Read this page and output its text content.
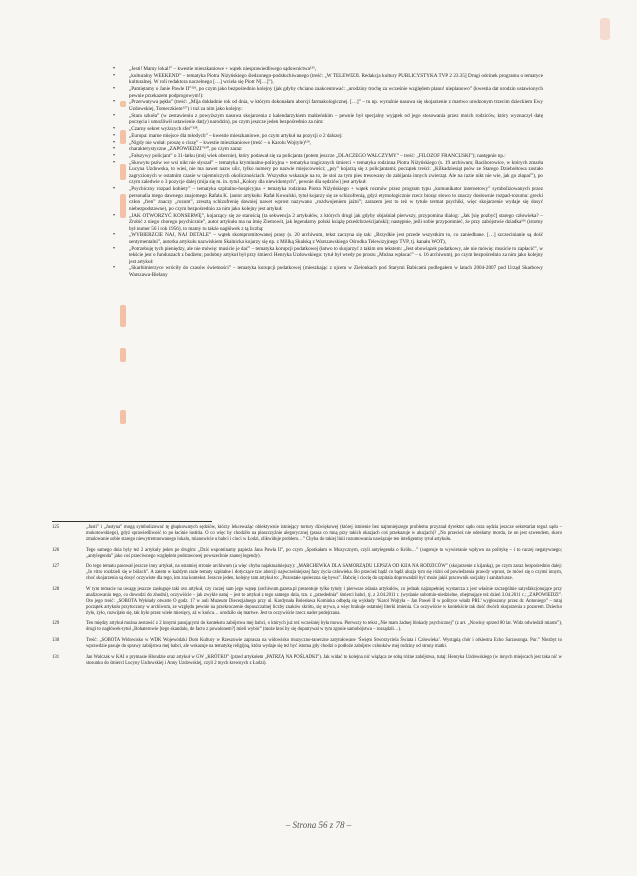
• „Jesti! Mamy lokal!” – kwestie mieszkaniowe + wątek niesprawiedliwego sądownictwa¹²⁵,
• „kulturalny WEEKEND” – tematyka Piotra Niżyńskiego śledzonego-podsłuchiwanego (treść: „W TELEWIZJI. Redakcja kultury PUBLICYSTYKA TVP 2 23.35] Drugi odcinek programu o tematyce kulturalnej. W roli redaktora naczelnego […] wciela się Piotr N[…]”),
• „Pamiętamy o Janie Pawle II”¹²⁶, po czym jako bezpośrednio kolejny (jak gdyby chciano zaakcentować: „urodziny trochę za wcześnie względem planu! nieplanowo” (kwestia dat urodzin ustawionych pewnie przekazem podprogowym!):
• „Przerwatywa pękła” (treść: „Mija dokładnie rok od dnia, w którym dokonałam aborcji farmakologicznej. […]” – tu np. wyraźnie nasuwa się skojarzenie z martwo urodzonym trzecim dzieckiem Ewy Uzdowskiej, Tomeczkiem¹²⁷) i tuż za nim jako kolejny:
• „Stara szkoła” (w zestawieniu z powyższym nasuwa skojarzenia z kalendarzykiem małżeńskim – pewnie był specjalny wyjątek od jego stosowania przez moich rodziców, który wyznaczył datę poczęcia i umożliwił ustawienie dat(y) narodzin), po czym jeszcze jeden bezpośrednio za nim:
• „Czarny sekret wyższych sfer”¹²⁸,
• „Europa: marne miejsce dla młodych” – kwestie mieszkaniowe, po czym artykuł na pozycji o 2 dalszej:
• „Nigdy nie wołał: proszę o ciszę” – kwestie mieszkaniowe (treść – o Karolu Wojtyle)¹²⁹,
• charakterystyczne „ZAPOWIEDZI”¹³⁰, po czym zaraz:
• „Fałszywy policjant” o 31-latku (mój wiek obecnie), który podawał się za policjanta (potem jeszcze „DLACZEGO WALCZYMY” – treść: „FILOZOF FRANCUSKI”); następnie np.:
• „Skowytu psów we wsi nikt nie słyszał” – tematyka kryminalno-policyjna + tematyka tragicznych śmierci + tematyka rodzinna Piotra Niżyńskiego (s. 19 archiwum; Raciborowice, w których zmarła Lucyna Uzdowska, to wieś, nie ma nawet nazw ulic, tylko numery po nazwie miejscowości; „psy” kojarzą się z policjantami; początek treści: „Kilkadziesiąt psów ze Starego Dziebołtowa zostało zagryzionych w ostatnim czasie w tajemniczych okolicznościach. Wszystko wskazuje na to, że stoi za tym pies tresowany do zabijania innych zwierząt. Ale na razie nikt nie wie, jak go złapać”), po czym zaledwie o 3 pozycje dalej (mija się m. in. tytuł „Kolory dla niewidomych”, pewnie dla sędziów) jest artykuł:
• „Psychiczny rozpad kobiety” – tematyka szpitalno-hospicyjna + tematyka rodzinna Piotra Niżyńskiego + wątek rozmów przez program typu „komunikator internetowy” symbolizowanych przez personalia mego dawnego znajomego Rafała K. (autor artykułu: Rafał Kowalski, tytuł kojarzy się ze schizofrenią, gdyż etymologicznie rzecz biorąc słowo to znaczy dosłownie rozpad-rozumu: grecki człon „fren” znaczy „rozum”, zresztą schizofrenię dawniej nawet wprost nazywano „rozdwojeniem jaźni”; zarazem jest to też w tytule termat psychiki, więc skojarzenie wydaje się dosyć niebezpodstawne), po czym bezpośrednio za nim jako kolejny jest artykuł:
• „JAK OTWORZYĆ KONSERWĘ”, kojarzący się ze starością (ta sekwencja 2 artykułów, z których drugi jak gdyby objaśniał pierwszy, przypomina dialog: „Jak [się pozbyć] starego człowieka? – Zrobić z niego chorego psychicznie”, autor artykułu ma na imię Ziemowit, jak legendarny polski książę przedchrześcijański); następnie, jeśli sobie przypomnieć, że przy zabójstwie dziadka¹³¹ (istotny był numer 56 i rok 1956), to mamy tu także nagłówek z tą liczbą:
• „WYBIERZCIE NAJ, NAJ DETALE” – wątek skompromitowanej prasy (s. 20 archiwum, tekst zaczyna się tak: „Brzydkie jest przede wszystkim to, co zaniedbane. […] szczecinianie są dość sentymentalni”, autorka artykułu nazwiskiem Skalnicka kojarzy się np. z Millką Skalską z Warszawskiego Ośrodka Telewizyjnego TVP, tj. kanału WOT),
• „Potrzebuję tych pieniędzy, ale nie mówię: musicie je dać” – tematyka korupcji podatkowej (łatwo to skojarzyć z takim oto tekstem: „Jest obowiązek podatkowy, ale nie mówię: musicie to zapłacić”, w tekście jest o funduszach z budżetu; podobny artykuł był przy śmierci Henryka Uzdowskiego: tytuł był wtedy po prostu „Można wpłacać” – s. 16 archiwum), po czym bezpośrednio za nim jako kolejny jest artykuł:
• „Skarbimierzyce wróciły do czasów świetności” – tematyka korupcji podatkowej (mieszkając z ojcem w Zielonkach pod Starymi Babicami podlegałem w latach 2004-2007 pod Urząd Skarbowy Warszawa-Bielany
125	„Justi” i „Justyna” mogą symbolizować tę głupkowatych sędziów, którzy lekceważąc obiektywnie istniejący tortury dźwiękowej (której istnienie bez najmniejszego problemu przyznał dyrektor sądu oraz sędzia jeszcze sekretariat tegoż sądu – mokotowskiego), gdyż sprawiedliwość to po łacinie iustitia. O co więc by chodziło na płaszczyźnie alegorycznej (prasa co mną przy takich okazjach coś przekazuje w aluzjach)? „No przecież nie odesłamy morda, że on jest szwendem, skoro zmalowanie sobie starego niewytremnowanego lokalu, mianowicie u babci i cioci w Łodzi, zlikwiduje problem…” Chyba do takiej linii rozumowania nawiązuje ten inteligentny tytuł artykułu.
126	Tego samego dnia były też 2 artykuły jeden po drugim: „Dziś wspominamy papieża Jana Pawła II”, po czym „Spotkałam w Muzycznym, czyli antylegenda o Królu…” (sugeruje to wywieranie wpływu na politykę – i to raczej negatywnego; „antylegenda” jako coś przeciwnego względem podstawowej powszechnie znanej legendy).
127	Do tego tematu pasował jeszcze inny artykuł, na ostatniej stronie archiwum (a więc chyba najaktualniejszy): „MARCHEWKA DLA SAMORZĄDU LEPSZA OD KIJA NA RODZICÓW” (skojarzenie z kijanką), po czym zaraz bezpośrednio dalej: „In vitro rozdzieli się w bólach”. A zatem w każdym razie tematy szpitalne i dotyczące tzw aborcji najwcześniejszej fazy życia człowieka. Bo przecież bądź co bądź aluzja tym się różni od powiedzenia prawdy wprost, że mówi się o czymś innym, choć skojarzenia są dosyć oczywiste dla tego, kto zna kontekst. Jeszcze jeden, kolejny tam artykuł to: „Pozostałe społeczna się bywa”. Babcię i ciocię do szpitala doprowadził być może jakiś pracownik socjalny i sanitariusze.
128	W tym temacie na uwagę jeszcze zasługuje taki oto artykuł, czy raczej sam jego wątep (archiwum.gazeta.pl prezentuje tylko tytuły i pierwsze zdania artykułów, co jednak najzupełniej wystarcza z jest właśnie szczególnie satysfakcjonujące przy analizowaniu tego, co dowodzi do zhodni), oczywiście – jak zwykle natuj – jest to artykuł z tego samego dnia, tzn. z „przedednia” śmierci babci, tj. z 2.04.2011 r. (wydanie sobotnio-niedzielne, obejmujące też dzień 3.04.2011 r.; „ZAPOWIEDZI”. Oto jego treść: „SOBOTA Wykłady otwarte O godz. 17 w auli Muzeum Diecezjalnego przy ul. Kardynała Bolesława Kominka odbędą się wykłady ‘Karol Wojtyła – Jan Paweł II w polityce władz PRL’ wygłoszony przez dr. Antoniego” – tutaj początek artykułu przytoczony w archiwum, ze względu pewnie na przekroczenie dopuszczalnej liczby znaków skrótu, się urywa, a więc brakuje ostatniej literki imienia. Co oczywiście w kontekście tak dość dwóch skojarzenia z pozorem. Dziecko żyło, żyło, rozwijało się, tak było przez wiele miesięcy, aż w końcu… urodziło się martwe. Jest to oczywiście rzecz nader podejrzana.
129	Ten między artykuł można zestawić z 2 innymi pasującymi do kontekstu zabójstwa mej babci, o których już też wcześniej była mowa. Pierwszy to tekst „Nie mam żadnej blokady psychicznej” (z art. „Nowiny sprzed 80 lat. Widz odwiedził miasto”), drugi to nagłówek-tytuł „Bohaterowie [tego skandalu, de facto z powalonem?] mieli wybór” (może ktoś by się dopatrywał w tym zgonie samobójstwa – rozsądził…).
130	Treść: „SOBOTA Widowisko w WDK Wojewódzki Dom Kultury w Rzeszowie zaprasza na widowisko muzyczno-taneczne zatytułowane ‘Święto Stworzyciela Świata i Człowieka’. Wystąpią chór i orkiestra Echo Sarzosonga. Pur.” Niezbyt to wprawdzie pasuje do sprawy zabójstwa mej babci, ale wskazuje na tematykę religijną, która wydaje się też być istotna gdy chodzi o podłoże zabójstw członków mej rodziny od strony matki.
131	Jan Walczak w KAI o prymasie Hlondzie oraz artykuł w GW „KRÓTKO” (przed artykułem „PATRZĄ NA POŚLADKI”). Jak widać to kolejna nić wiążąca ze sobą różne zabójstwa, tutaj: Henryka Uzdowskiego (w innych miejscach jest taka nić w stosunku do śmierci Lucyny Uzdowskiej i Anny Uzdowskiej, czyli 2 mych krewnych z Łodzi).
– Strona 56 z 78 –
